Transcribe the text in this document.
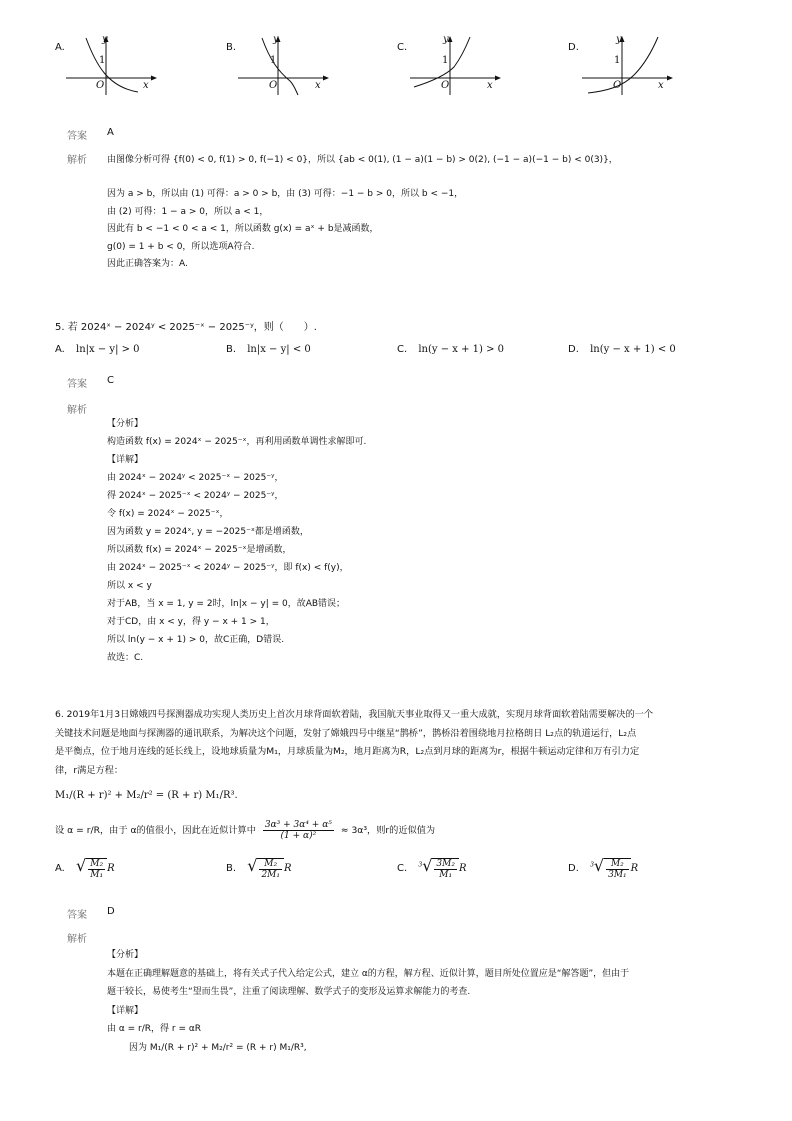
A.
y
x
O
1
B.
y
x
O
1
C.
y
x
O
1
D.
y
x
O
1
答案 A
解析 由图像分析可得 {f(0) < 0, f(1) > 0, f(−1) < 0}，所以 {ab < 0(1), (1 − a)(1 − b) > 0(2), (−1 − a)(−1 − b) < 0(3)}，
因为 a > b，所以由 (1) 可得：a > 0 > b，由 (3) 可得：−1 − b > 0，所以 b < −1，
由 (2) 可得：1 − a > 0，所以 a < 1，
因此有 b < −1 < 0 < a < 1，所以函数 g(x) = aˣ + b是减函数，
g(0) = 1 + b < 0，所以选项A符合.
因此正确答案为：A.
5. 若 2024ˣ − 2024ʸ < 2025⁻ˣ − 2025⁻ʸ，则（　　）.
A. ln|x − y| > 0	B. ln|x − y| < 0	C. ln(y − x + 1) > 0	D. ln(y − x + 1) < 0
答案 C
解析
【分析】
构造函数 f(x) = 2024ˣ − 2025⁻ˣ，再利用函数单调性求解即可.
【详解】
由 2024ˣ − 2024ʸ < 2025⁻ˣ − 2025⁻ʸ，
得 2024ˣ − 2025⁻ˣ < 2024ʸ − 2025⁻ʸ，
令 f(x) = 2024ˣ − 2025⁻ˣ，
因为函数 y = 2024ˣ, y = −2025⁻ˣ都是增函数，
所以函数 f(x) = 2024ˣ − 2025⁻ˣ是增函数，
由 2024ˣ − 2025⁻ˣ < 2024ʸ − 2025⁻ʸ，即 f(x) < f(y)，
所以 x < y
对于AB，当 x = 1, y = 2时，ln|x − y| = 0，故AB错误；
对于CD，由 x < y，得 y − x + 1 > 1，
所以 ln(y − x + 1) > 0，故C正确，D错误.
故选：C.
6. 2019年1月3日嫦娥四号探测器成功实现人类历史上首次月球背面软着陆，我国航天事业取得又一重大成就，实现月球背面软着陆需要解决的一个
关键技术问题是地面与探测器的通讯联系，为解决这个问题，发射了嫦娥四号中继星“鹊桥”，鹊桥沿着围绕地月拉格朗日 L₂点的轨道运行，L₂点
是平衡点，位于地月连线的延长线上，设地球质量为M₁，月球质量为M₂，地月距离为R，L₂点到月球的距离为r，根据牛顿运动定律和万有引力定
律，r满足方程：
M₁/(R + r)² + M₂/r² = (R + r) M₁/R³.
设 α = r/R，由于 α的值很小，因此在近似计算中 $\frac{\text{3α³ + 3α⁴ + α⁵}}{\text{(1 + α)²}} \approx 3\alpha^3$，则r的近似值为
A. √ $\frac{\text{M₂}}{\text{M₁}}$ R	B. √ $\frac{\text{M₂}}{\text{2M₁}}$ R	C. $^3√ \frac{\text{3M₂}}{\text{M₁}}$ R	D. $^3√ \frac{\text{M₂}}{\text{3M₁}}$ R
答案 D
解析
【分析】
本题在正确理解题意的基础上，将有关式子代入给定公式，建立 α的方程，解方程、近似计算，题目所处位置应是“解答题”，但由于
题干较长，易使考生“望而生畏”，注重了阅读理解、数学式子的变形及运算求解能力的考查.
【详解】
由 α = r/R，得 r = αR
因为 M₁/(R + r)² + M₂/r² = (R + r) M₁/R³,
